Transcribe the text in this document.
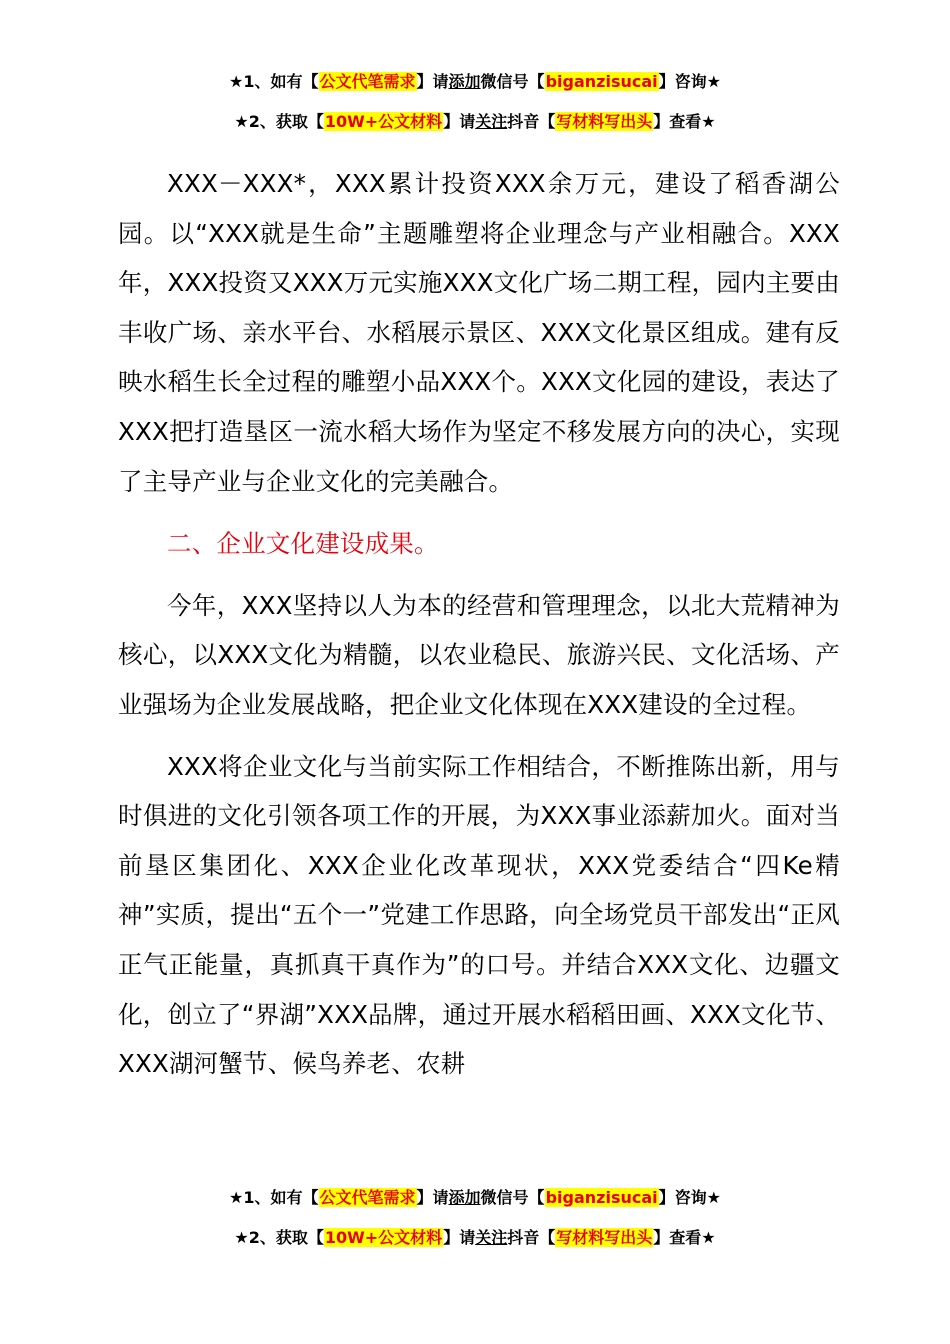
★1、如有【公文代笔需求】请添加微信号【biganzisucai】咨询★
★2、获取【10W+公文材料】请关注抖音【写材料写出头】查看★

XXX－XXX*，XXX累计投资XXX余万元，建设了稻香湖公园。以“XXX就是生命”主题雕塑将企业理念与产业相融合。XXX年，XXX投资又XXX万元实施XXX文化广场二期工程，园内主要由丰收广场、亲水平台、水稻展示景区、XXX文化景区组成。建有反映水稻生长全过程的雕塑小品XXX个。XXX文化园的建设，表达了XXX把打造垦区一流水稻大场作为坚定不移发展方向的决心，实现了主导产业与企业文化的完美融合。

二、企业文化建设成果。

今年，XXX坚持以人为本的经营和管理理念，以北大荒精神为核心，以XXX文化为精髓，以农业稳民、旅游兴民、文化活场、产业强场为企业发展战略，把企业文化体现在XXX建设的全过程。

XXX将企业文化与当前实际工作相结合，不断推陈出新，用与时俱进的文化引领各项工作的开展，为XXX事业添薪加火。面对当前垦区集团化、XXX企业化改革现状，XXX党委结合“四Ke精神”实质，提出“五个一”党建工作思路，向全场党员干部发出“正风正气正能量，真抓真干真作为”的口号。并结合XXX文化、边疆文化，创立了“界湖”XXX品牌，通过开展水稻稻田画、XXX文化节、XXX湖河蟹节、候鸟养老、农耕

★1、如有【公文代笔需求】请添加微信号【biganzisucai】咨询★
★2、获取【10W+公文材料】请关注抖音【写材料写出头】查看★
